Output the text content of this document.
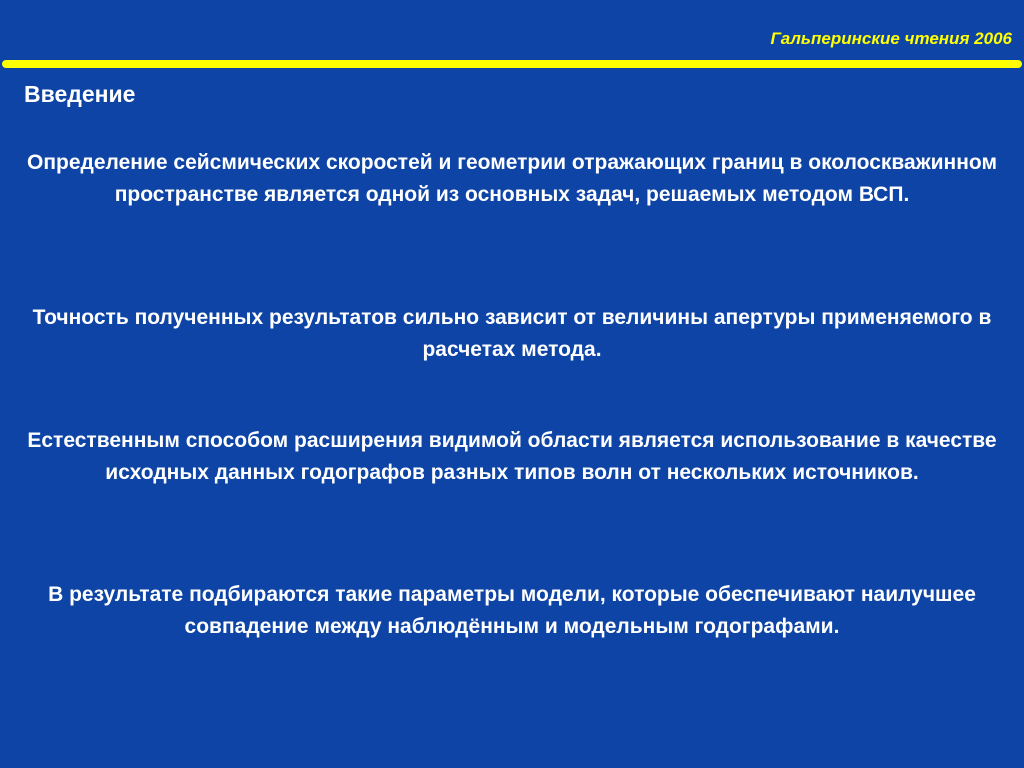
Гальперинские чтения 2006
Введение
Определение сейсмических скоростей и геометрии отражающих границ в околоскважинном пространстве является одной из основных задач, решаемых методом ВСП.
Точность полученных результатов сильно зависит от величины апертуры применяемого в расчетах метода.
Естественным способом расширения видимой области является использование в качестве исходных данных годографов разных типов волн от нескольких источников.
В результате подбираются такие параметры модели, которые обеспечивают наилучшее совпадение между наблюдённым и модельным годографами.
